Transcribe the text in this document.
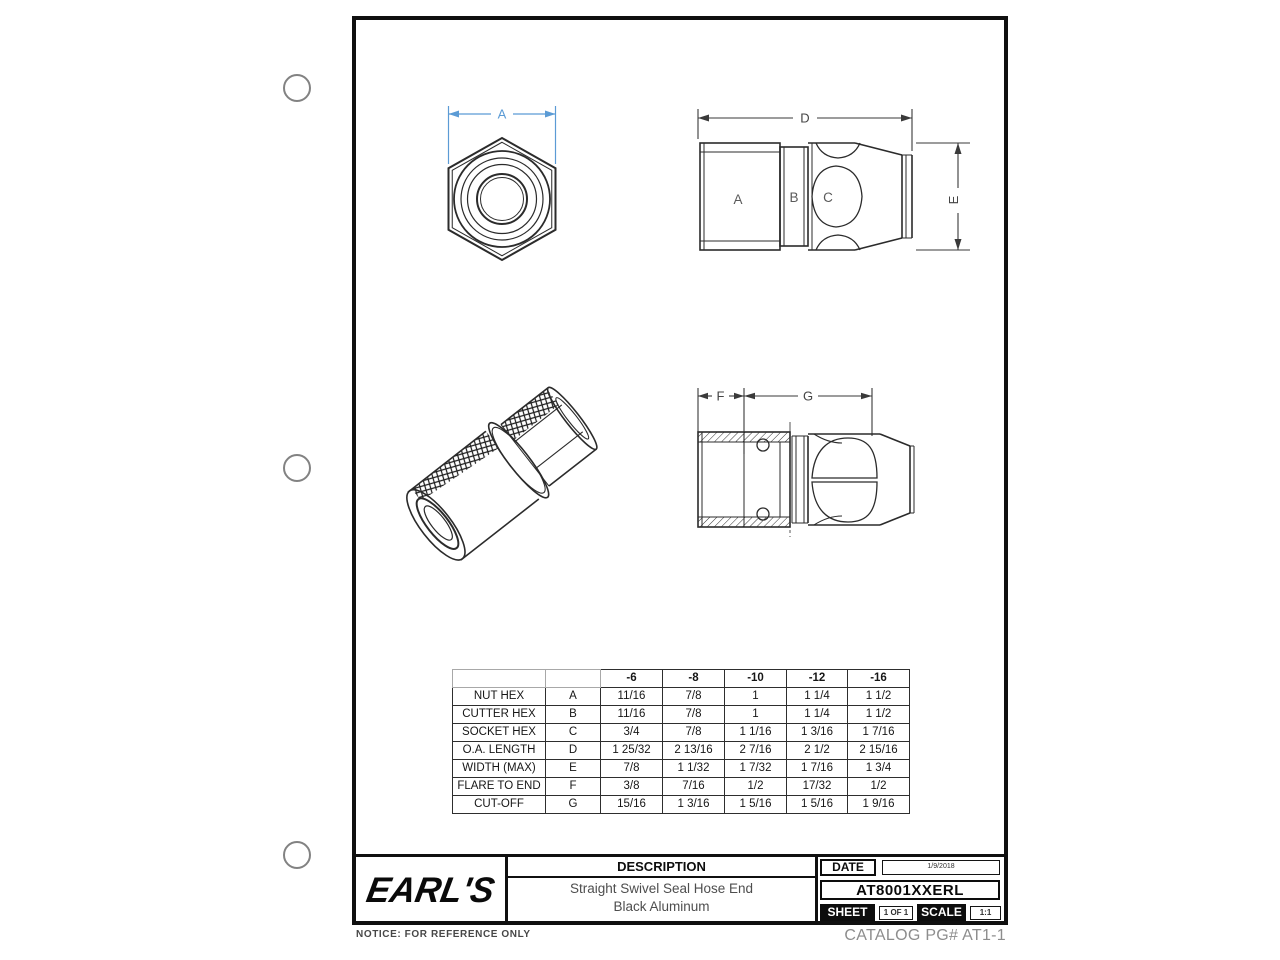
A	D
E
A	B C
F	G
		-6	-8	-10	-12	-16
NUT HEX	A	11/16	7/8	1	1 1/4	1 1/2
CUTTER HEX	B	11/16	7/8	1	1 1/4	1 1/2
SOCKET HEX	C	3/4	7/8	1 1/16	1 3/16	1 7/16
O.A. LENGTH	D	1 25/32	2 13/16	2 7/16	2 1/2	2 15/16
WIDTH (MAX)	E	7/8	1 1/32	1 7/32	1 7/16	1 3/4
FLARE TO END	F	3/8	7/16	1/2	17/32	1/2
CUT-OFF	G	15/16	1 3/16	1 5/16	1 5/16	1 9/16
EARL'S
DESCRIPTION
Straight Swivel Seal Hose End
Black Aluminum
DATE	1/9/2018
AT8001XXERL
SHEET	1 OF 1	SCALE	1:1
NOTICE: FOR REFERENCE ONLY	CATALOG PG# AT1-1
